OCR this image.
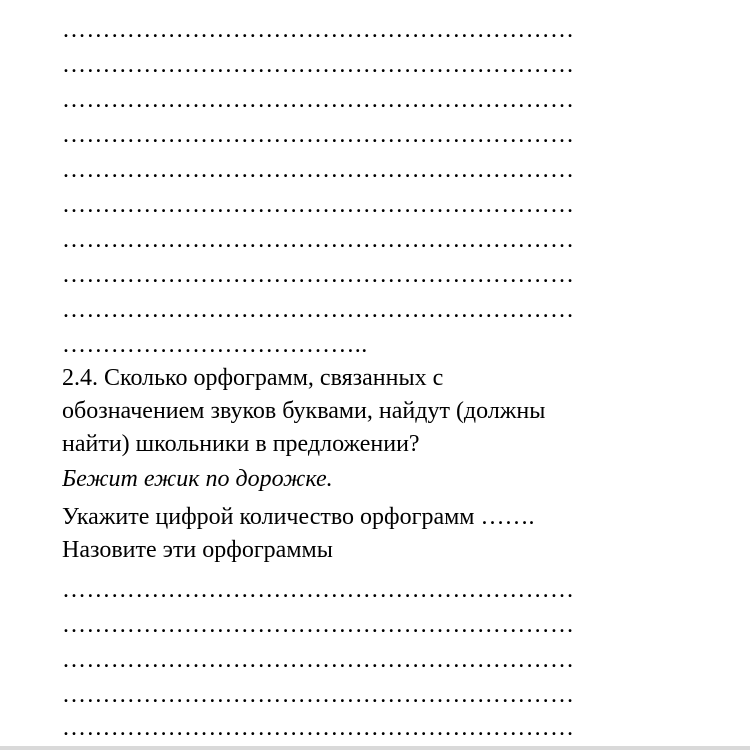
………………………………………………………
………………………………………………………
………………………………………………………
………………………………………………………
………………………………………………………
………………………………………………………
………………………………………………………
………………………………………………………
………………………………………………………
………………………………..
2.4. Сколько орфограмм, связанных с
обозначением звуков буквами, найдут (должны
найти) школьники в предложении?
Бежит ежик по дорожке.
Укажите цифрой количество орфограмм …….
Назовите эти орфограммы
………………………………………………………
………………………………………………………
………………………………………………………
………………………………………………………
………………………………………………………
